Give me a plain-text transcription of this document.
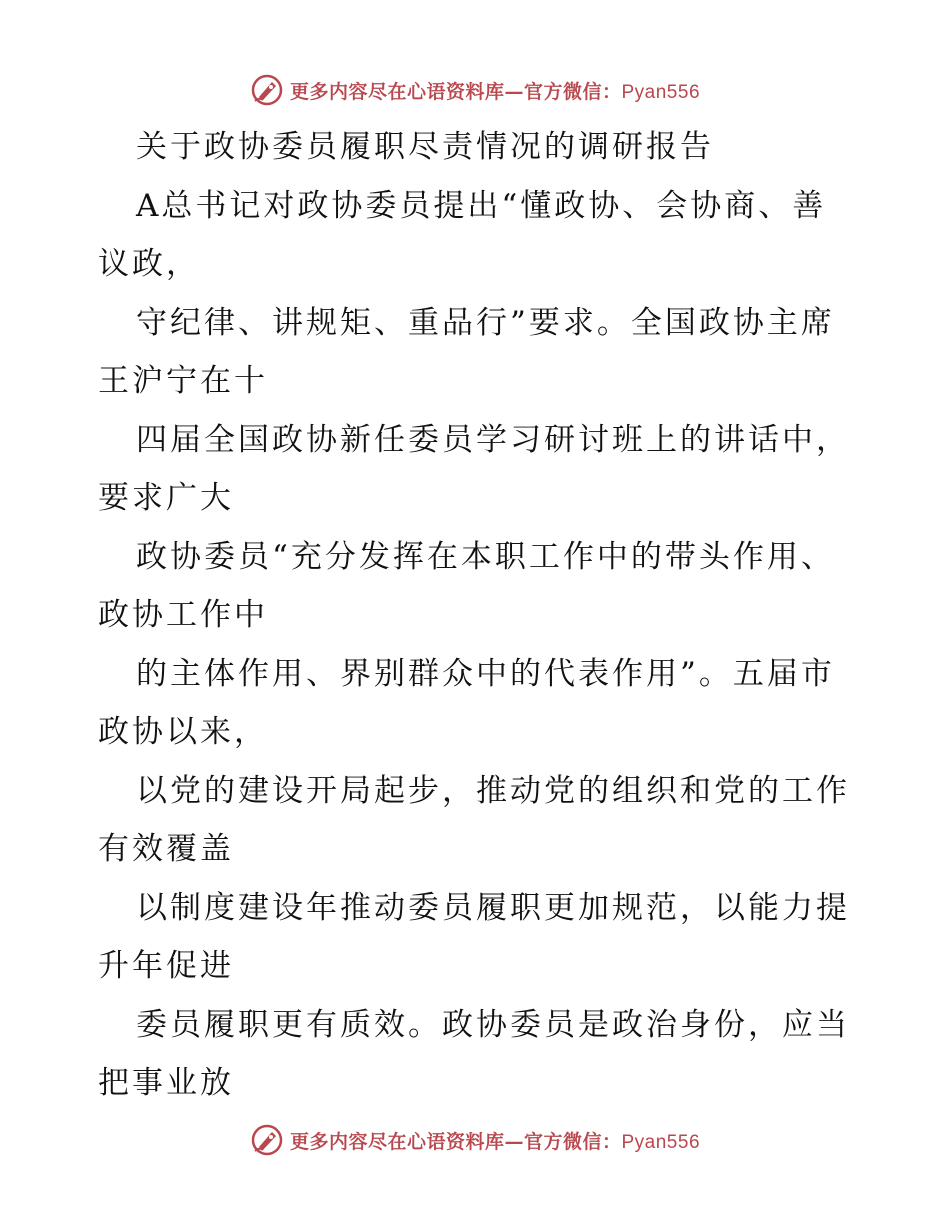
更多内容尽在心语资料库—官方微信：Pyan556
关于政协委员履职尽责情况的调研报告
A总书记对政协委员提出“懂政协、会协商、善
议政，
守纪律、讲规矩、重品行”要求。全国政协主席
王沪宁在十
四届全国政协新任委员学习研讨班上的讲话中，
要求广大
政协委员“充分发挥在本职工作中的带头作用、
政协工作中
的主体作用、界别群众中的代表作用”。五届市
政协以来，
以党的建设开局起步，推动党的组织和党的工作
有效覆盖
以制度建设年推动委员履职更加规范，以能力提
升年促进
委员履职更有质效。政协委员是政治身份，应当
把事业放
更多内容尽在心语资料库—官方微信：Pyan556
